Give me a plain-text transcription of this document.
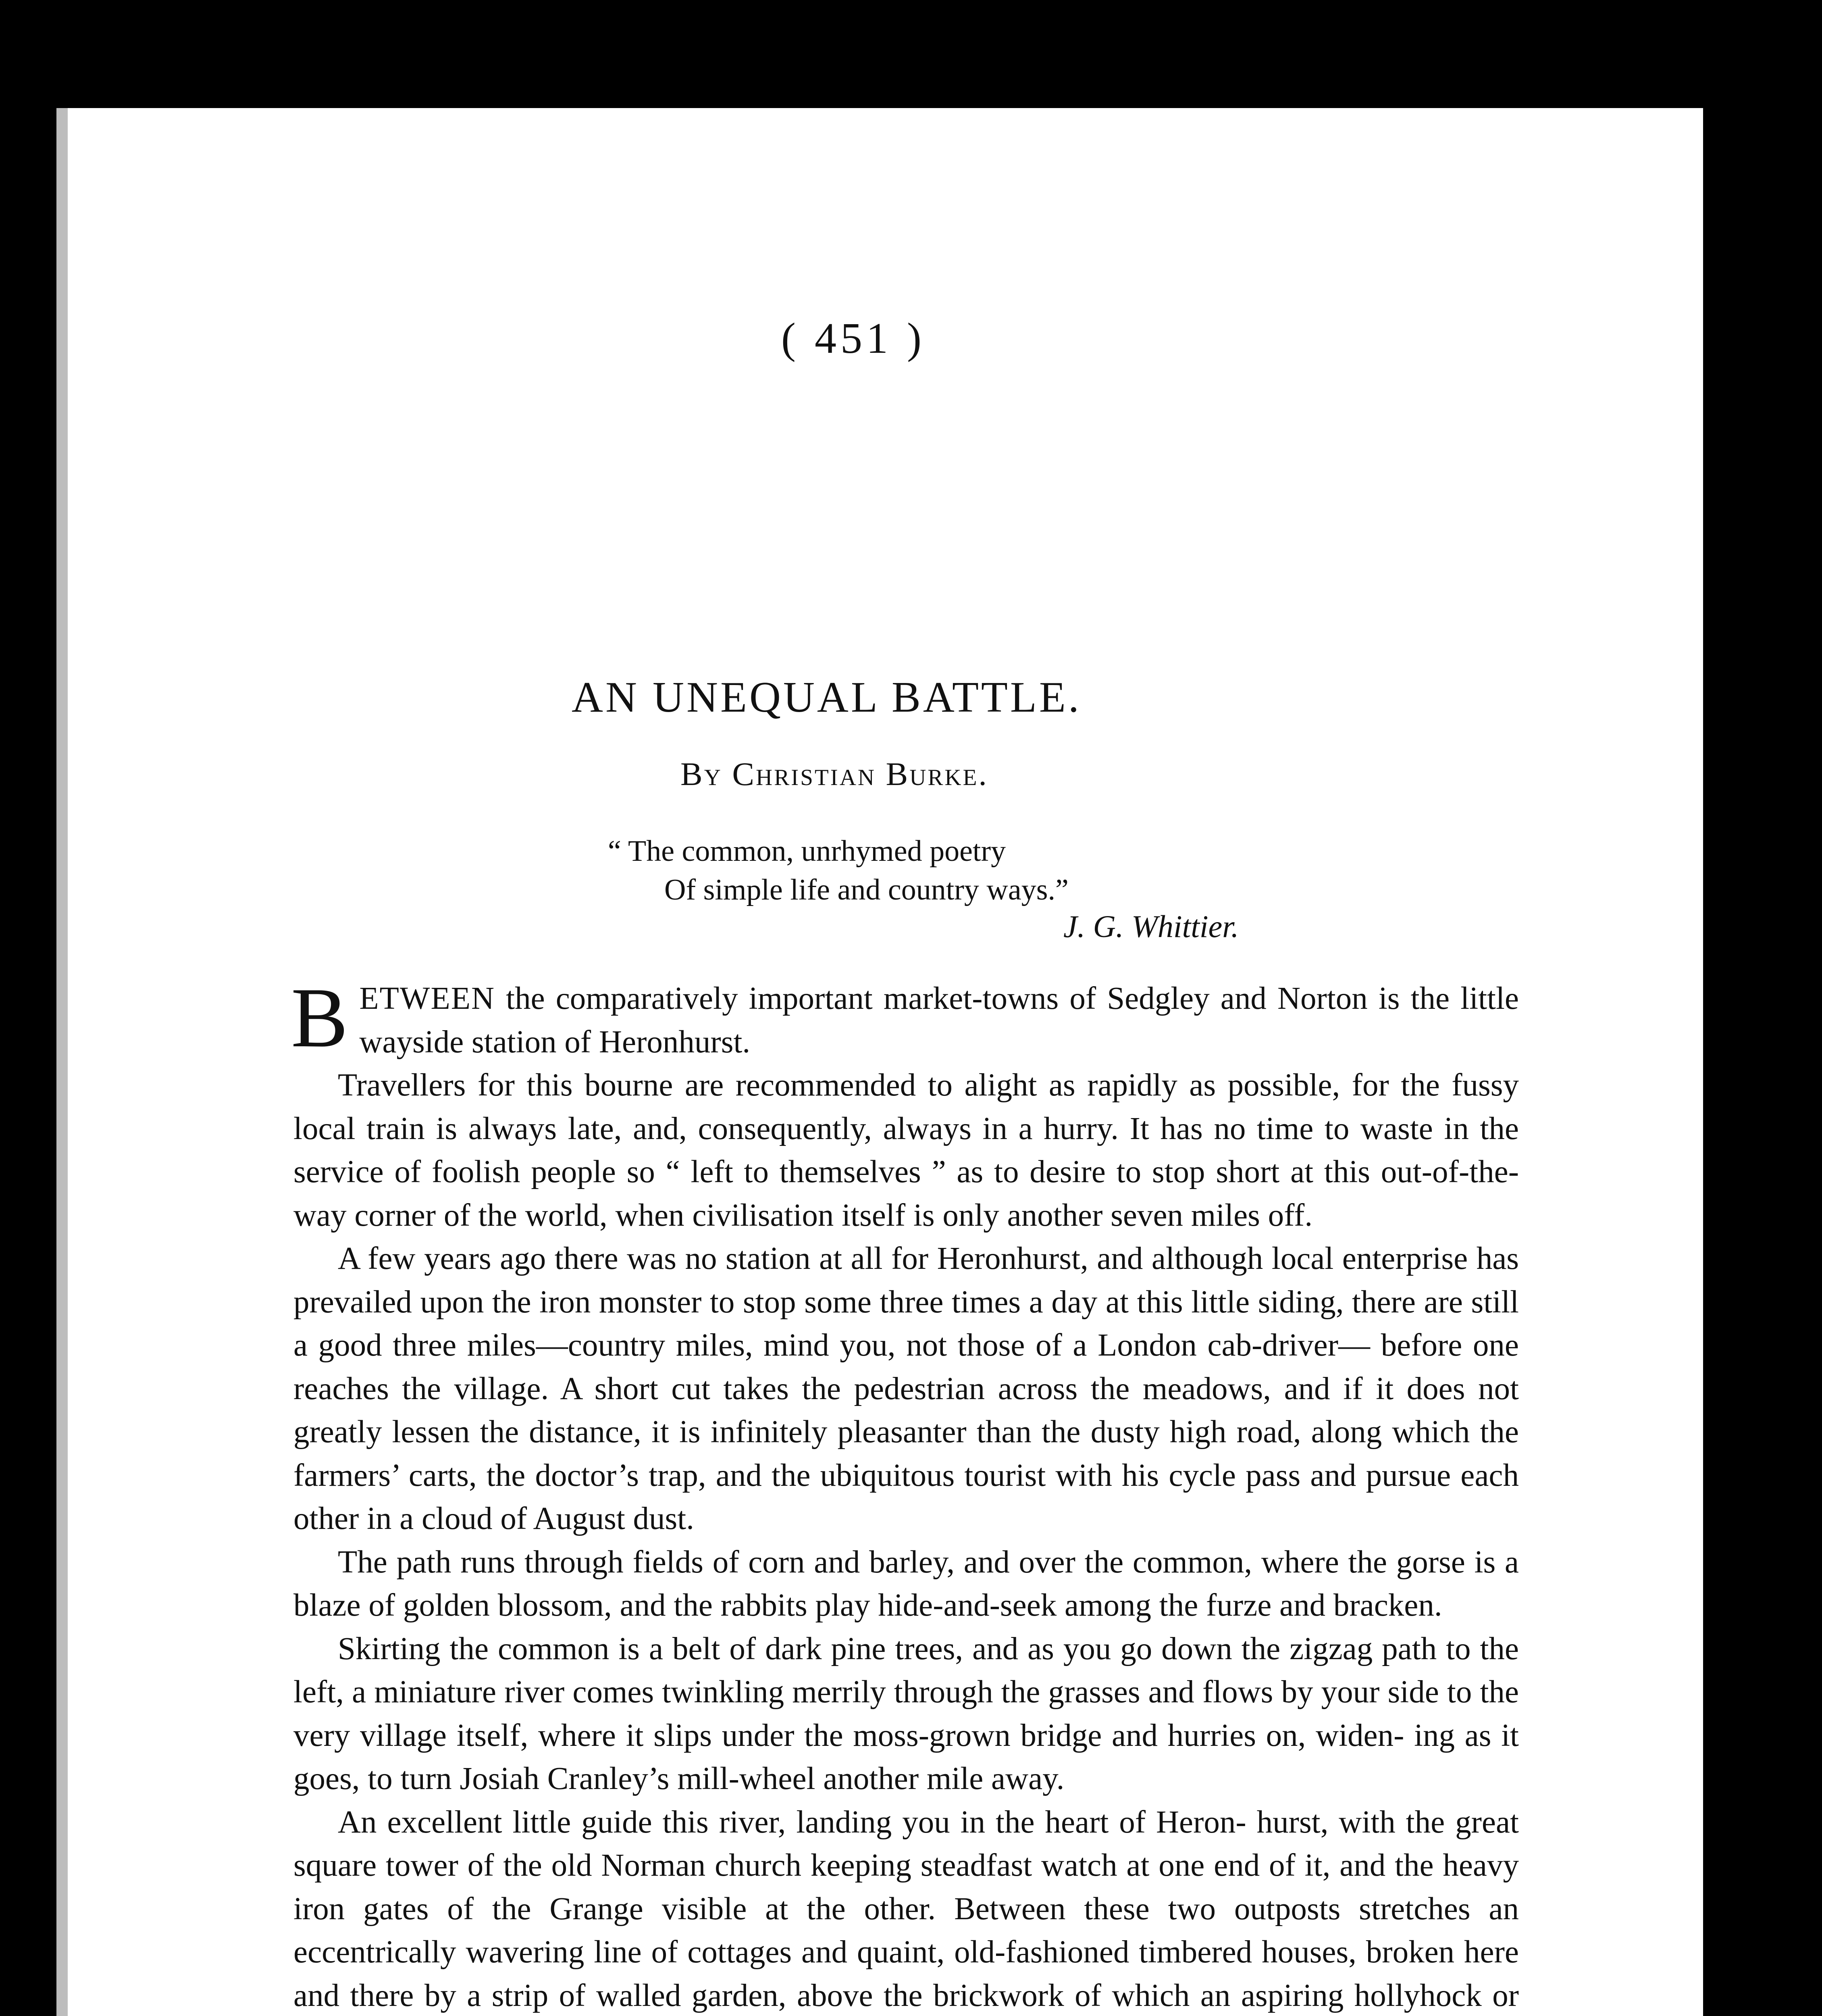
( 451 )
AN UNEQUAL BATTLE.
By Christian Burke.
“ The common, unrhymed poetry
Of simple life and country ways.”
J. G. Whittier.

BETWEEN the comparatively important market-towns of Sedgley and Norton is the little wayside station of Heronhurst.

Travellers for this bourne are recommended to alight as rapidly as possible, for the fussy local train is always late, and, consequently, always in a hurry. It has no time to waste in the service of foolish people so “ left to themselves ” as to desire to stop short at this out-of-the-way corner of the world, when civilisation itself is only another seven miles off.

A few years ago there was no station at all for Heronhurst, and although local enterprise has prevailed upon the iron monster to stop some three times a day at this little siding, there are still a good three miles—country miles, mind you, not those of a London cab-driver— before one reaches the village. A short cut takes the pedestrian across the meadows, and if it does not greatly lessen the distance, it is infinitely pleasanter than the dusty high road, along which the farmers’ carts, the doctor’s trap, and the ubiquitous tourist with his cycle pass and pursue each other in a cloud of August dust.

The path runs through fields of corn and barley, and over the common, where the gorse is a blaze of golden blossom, and the rabbits play hide-and-seek among the furze and bracken.

Skirting the common is a belt of dark pine trees, and as you go down the zigzag path to the left, a miniature river comes twinkling merrily through the grasses and flows by your side to the very village itself, where it slips under the moss-grown bridge and hurries on, widen- ing as it goes, to turn Josiah Cranley’s mill-wheel another mile away.

An excellent little guide this river, landing you in the heart of Heron- hurst, with the great square tower of the old Norman church keeping steadfast watch at one end of it, and the heavy iron gates of the Grange visible at the other. Between these two outposts stretches an eccentrically wavering line of cottages and quaint, old-fashioned timbered houses, broken here and there by a strip of walled garden, above the brickwork of which an aspiring hollyhock or
